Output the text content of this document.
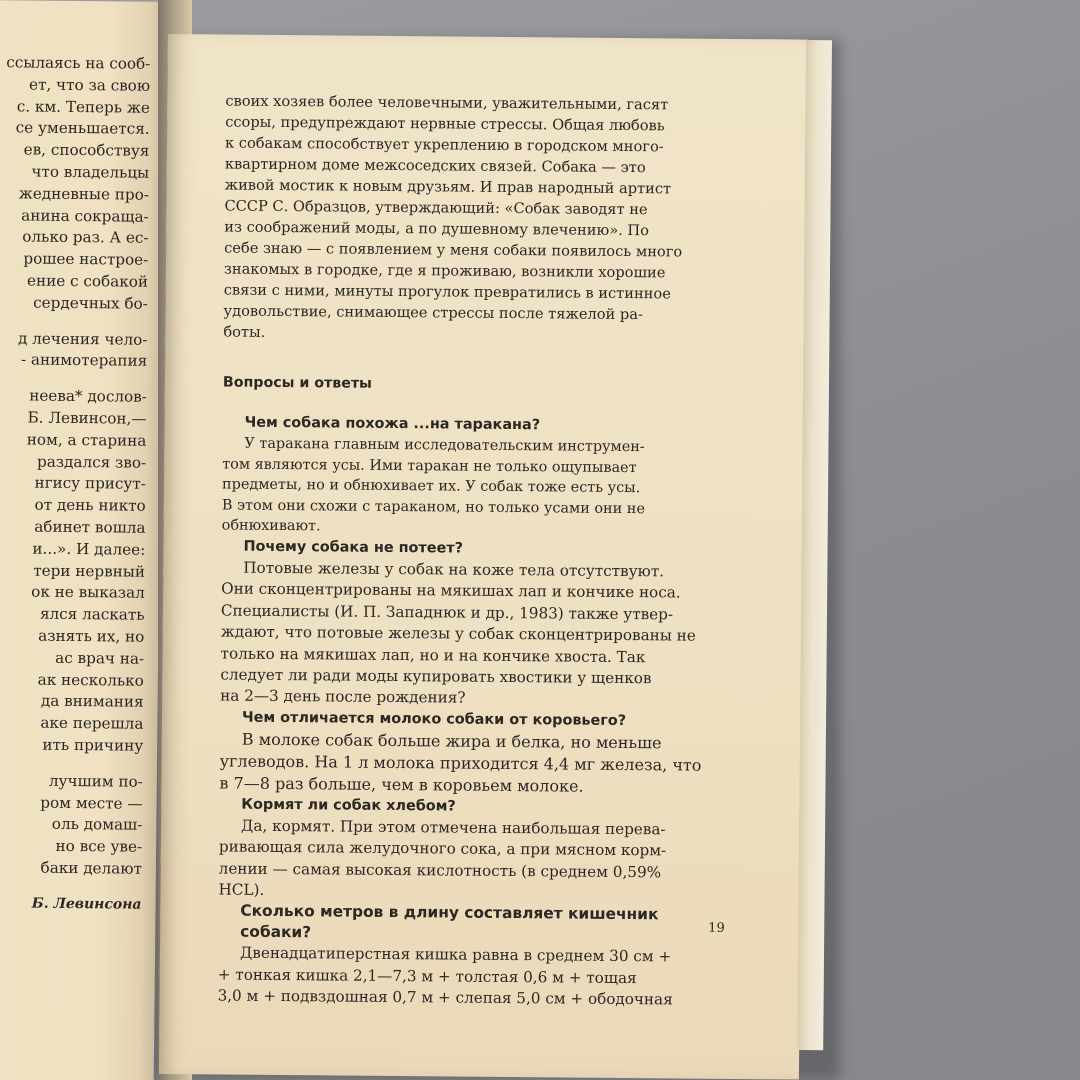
ссылаясь на сооб-
ет, что за свою
с. км. Теперь же
се уменьшается.
ев, способствуя
что владельцы
жедневные про-
анина сокраща-
олько раз. А ес-
рошее настрое-
ение с собакой
сердечных бо-
д лечения чело-
- анимотерапия
неева* дослов-
Б. Левинсон,—
ном, а старина
раздался зво-
нгису присут-
от день никто
абинет вошла
и...». И далее:
тери нервный
ок не выказал
ялся ласкать
азнять их, но
ас врач на-
ак несколько
да внимания
аке перешла
ить причину
лучшим по-
ром месте —
оль домаш-
но все уве-
баки делают
Б. Левинсона

своих хозяев более человечными, уважительными, гасят
ссоры, предупреждают нервные стрессы. Общая любовь
к собакам способствует укреплению в городском много-
квартирном доме межсоседских связей. Собака — это
живой мостик к новым друзьям. И прав народный артист
СССР С. Образцов, утверждающий: «Собак заводят не
из соображений моды, а по душевному влечению». По
себе знаю — с появлением у меня собаки появилось много
знакомых в городке, где я проживаю, возникли хорошие
связи с ними, минуты прогулок превратились в истинное
удовольствие, снимающее стрессы после тяжелой ра-
боты.

Вопросы и ответы

Чем собака похожа ...на таракана?

У таракана главным исследовательским инструмен-
том являются усы. Ими таракан не только ощупывает
предметы, но и обнюхивает их. У собак тоже есть усы.
В этом они схожи с тараканом, но только усами они не
обнюхивают.

Почему собака не потеет?

Потовые железы у собак на коже тела отсутствуют.
Они сконцентрированы на мякишах лап и кончике носа.
Специалисты (И. П. Западнюк и др., 1983) также утвер-
ждают, что потовые железы у собак сконцентрированы не
только на мякишах лап, но и на кончике хвоста. Так
следует ли ради моды купировать хвостики у щенков
на 2—3 день после рождения?

Чем отличается молоко собаки от коровьего?

В молоке собак больше жира и белка, но меньше
углеводов. На 1 л молока приходится 4,4 мг железа, что
в 7—8 раз больше, чем в коровьем молоке.

Кормят ли собак хлебом?

Да, кормят. При этом отмечена наибольшая перева-
ривающая сила желудочного сока, а при мясном корм-
лении — самая высокая кислотность (в среднем 0,59%
HCL).

Сколько метров в длину составляет кишечник собаки?

Двенадцатиперстная кишка равна в среднем 30 см +
+ тонкая кишка 2,1—7,3 м + толстая 0,6 м + тощая
3,0 м + подвздошная 0,7 м + слепая 5,0 см + ободочная

19
